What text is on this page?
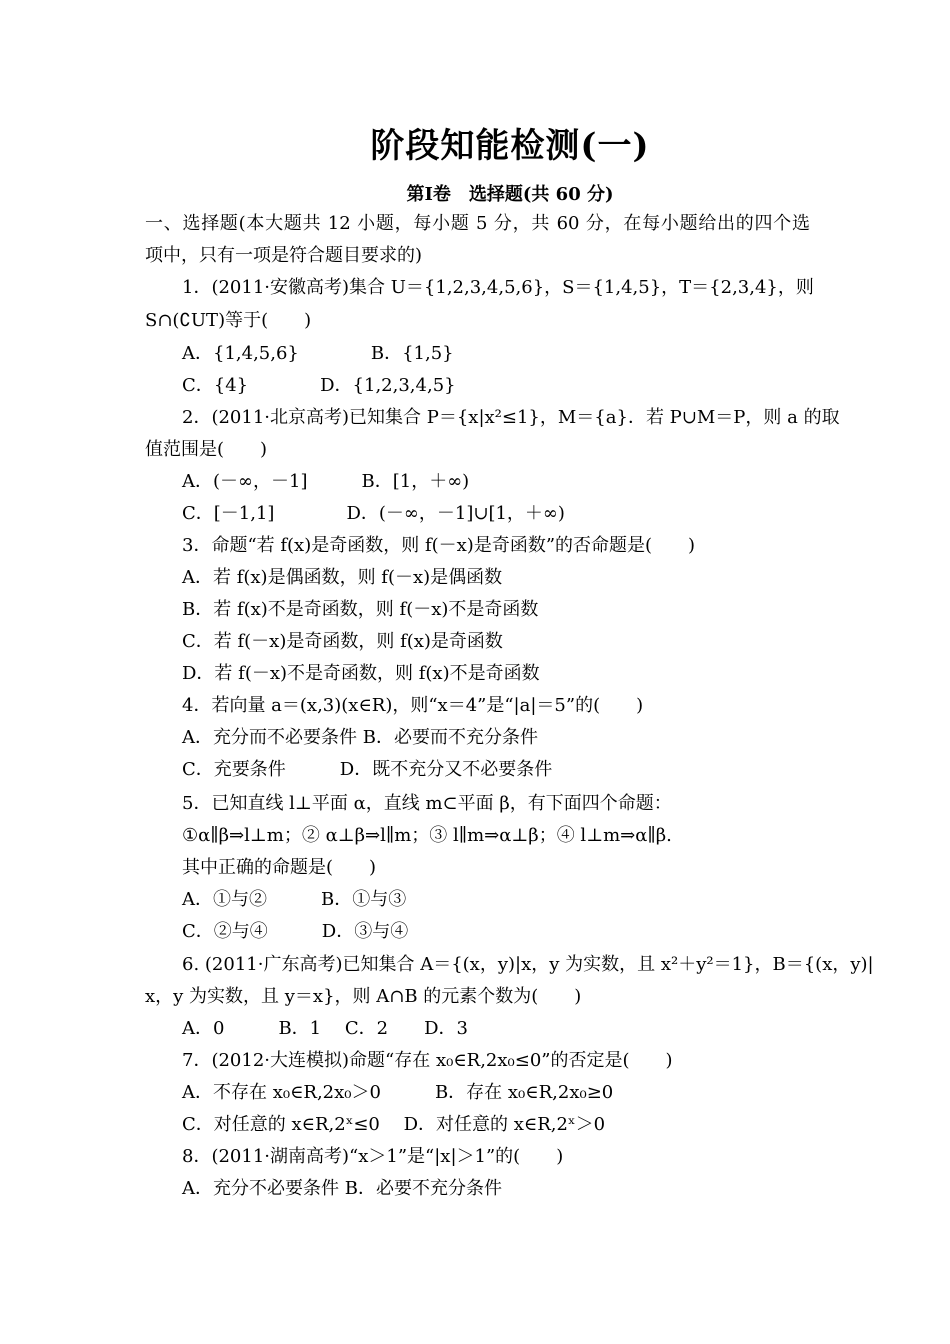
阶段知能检测(一)
第Ⅰ卷　选择题(共 60 分)
一、选择题(本大题共 12 小题，每小题 5 分，共 60 分，在每小题给出的四个选
项中，只有一项是符合题目要求的)
1．(2011·安徽高考)集合 U＝{1,2,3,4,5,6}，S＝{1,4,5}，T＝{2,3,4}，则
S∩(∁UT)等于(　　)
A．{1,4,5,6}　　　　B．{1,5}
C．{4}　　　　D．{1,2,3,4,5}
2．(2011·北京高考)已知集合 P＝{x|x²≤1}，M＝{a}．若 P∪M＝P，则 a 的取
值范围是(　　)
A．(－∞，－1]　　　B．[1，＋∞)
C．[－1,1]　　　　D．(－∞，－1]∪[1，＋∞)
3．命题“若 f(x)是奇函数，则 f(－x)是奇函数”的否命题是(　　)
A．若 f(x)是偶函数，则 f(－x)是偶函数
B．若 f(x)不是奇函数，则 f(－x)不是奇函数
C．若 f(－x)是奇函数，则 f(x)是奇函数
D．若 f(－x)不是奇函数，则 f(x)不是奇函数
4．若向量 a＝(x,3)(x∈R)，则“x＝4”是“|a|＝5”的(　　)
A．充分而不必要条件 B．必要而不充分条件
C．充要条件　　　D．既不充分又不必要条件
5．已知直线 l⊥平面 α，直线 m⊂平面 β，有下面四个命题：
①α∥β⇒l⊥m；② α⊥β⇒l∥m；③ l∥m⇒α⊥β；④ l⊥m⇒α∥β.
其中正确的命题是(　　)
A．①与②　　　B．①与③
C．②与④　　　D．③与④
6. (2011·广东高考)已知集合 A＝{(x，y)|x，y 为实数，且 x²＋y²＝1}，B＝{(x，y)|
x，y 为实数，且 y＝x}，则 A∩B 的元素个数为(　　)
A．0　　　B．1　 C．2　　D．3
7．(2012·大连模拟)命题“存在 x₀∈R,2x₀≤0”的否定是(　　)
A．不存在 x₀∈R,2x₀＞0　　　B．存在 x₀∈R,2x₀≥0
C．对任意的 x∈R,2ˣ≤0　 D．对任意的 x∈R,2ˣ＞0
8．(2011·湖南高考)“x＞1”是“|x|＞1”的(　　)
A．充分不必要条件 B．必要不充分条件
